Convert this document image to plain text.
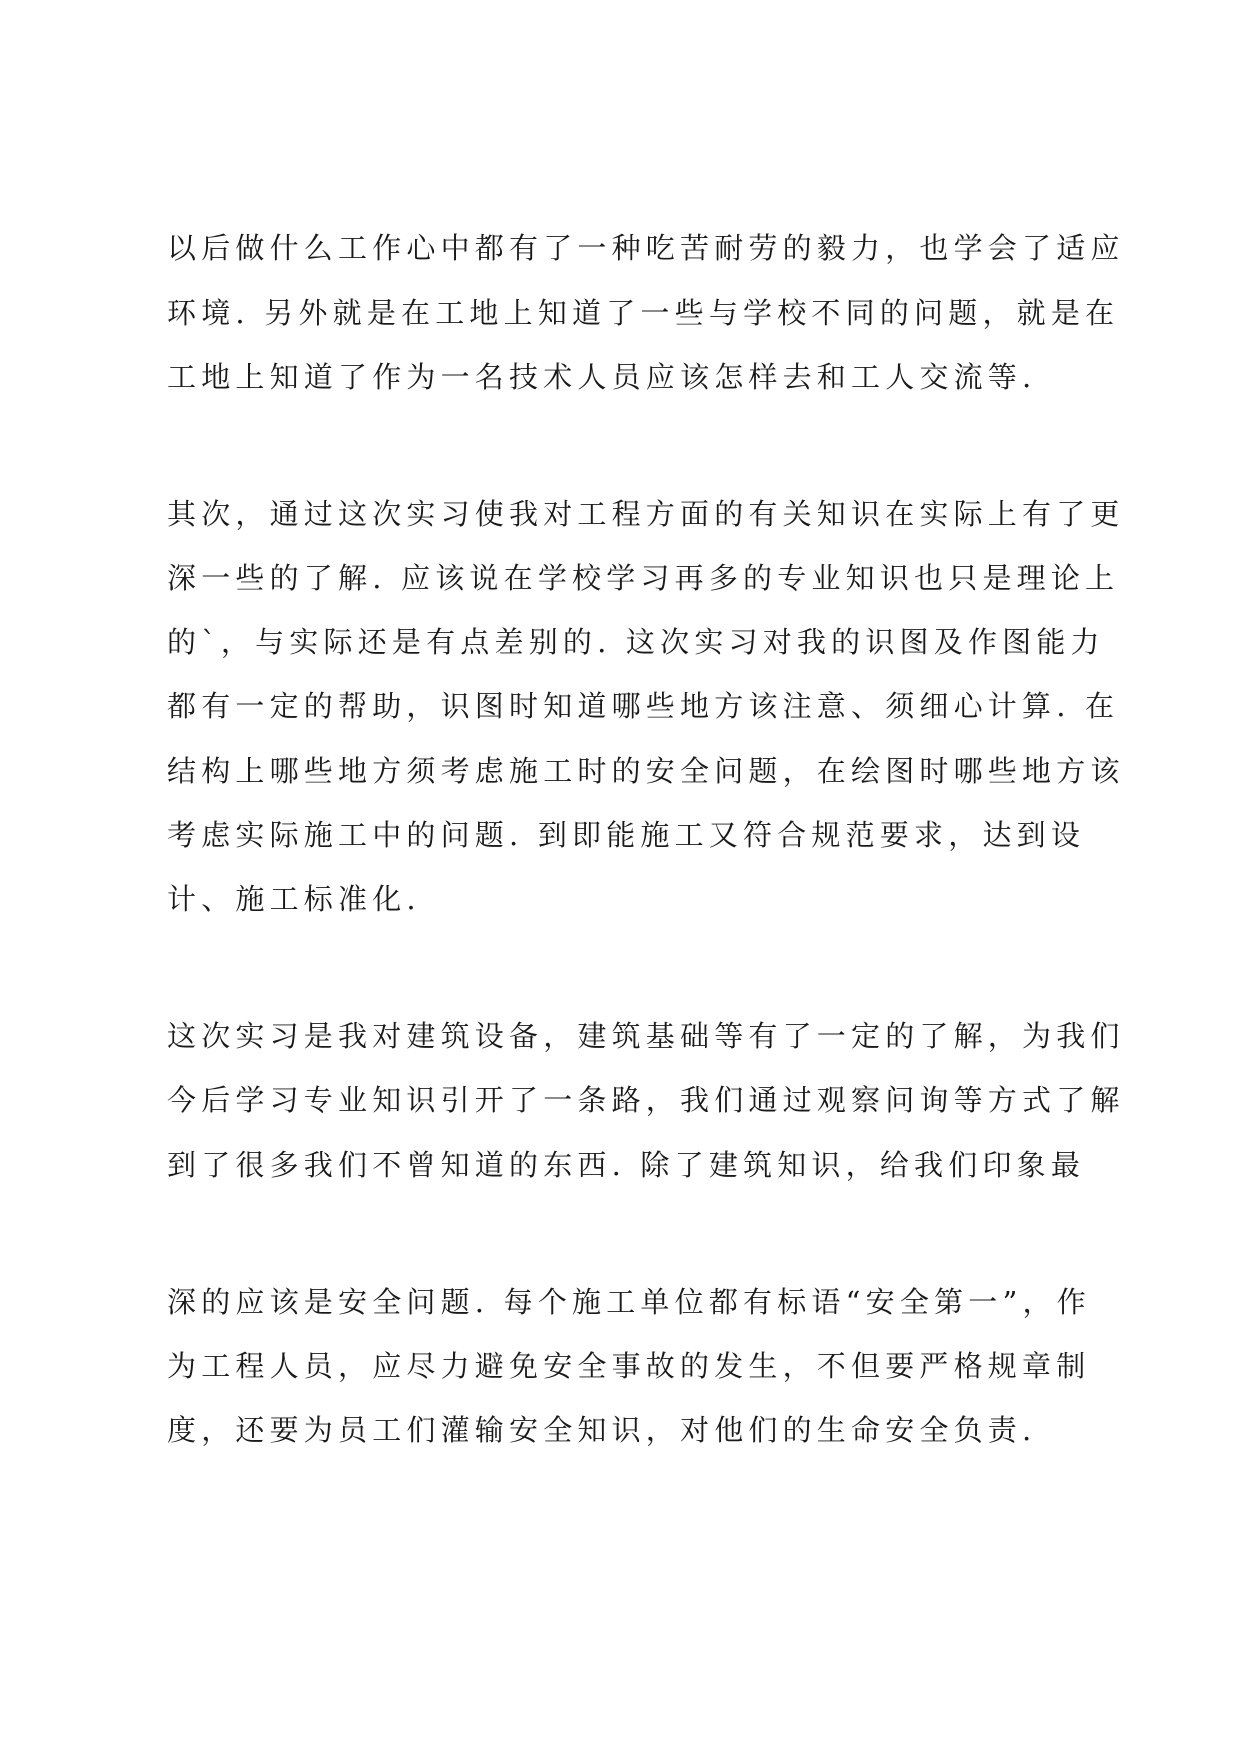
以后做什么工作心中都有了一种吃苦耐劳的毅力，也学会了适应

环境. 另外就是在工地上知道了一些与学校不同的问题，就是在

工地上知道了作为一名技术人员应该怎样去和工人交流等.

其次，通过这次实习使我对工程方面的有关知识在实际上有了更

深一些的了解. 应该说在学校学习再多的专业知识也只是理论上

的`，与实际还是有点差别的. 这次实习对我的识图及作图能力

都有一定的帮助，识图时知道哪些地方该注意、须细心计算. 在

结构上哪些地方须考虑施工时的安全问题，在绘图时哪些地方该

考虑实际施工中的问题. 到即能施工又符合规范要求，达到设

计、施工标准化.

这次实习是我对建筑设备，建筑基础等有了一定的了解，为我们

今后学习专业知识引开了一条路，我们通过观察问询等方式了解

到了很多我们不曾知道的东西. 除了建筑知识，给我们印象最

深的应该是安全问题. 每个施工单位都有标语“安全第一”，作

为工程人员，应尽力避免安全事故的发生，不但要严格规章制

度，还要为员工们灌输安全知识，对他们的生命安全负责.
